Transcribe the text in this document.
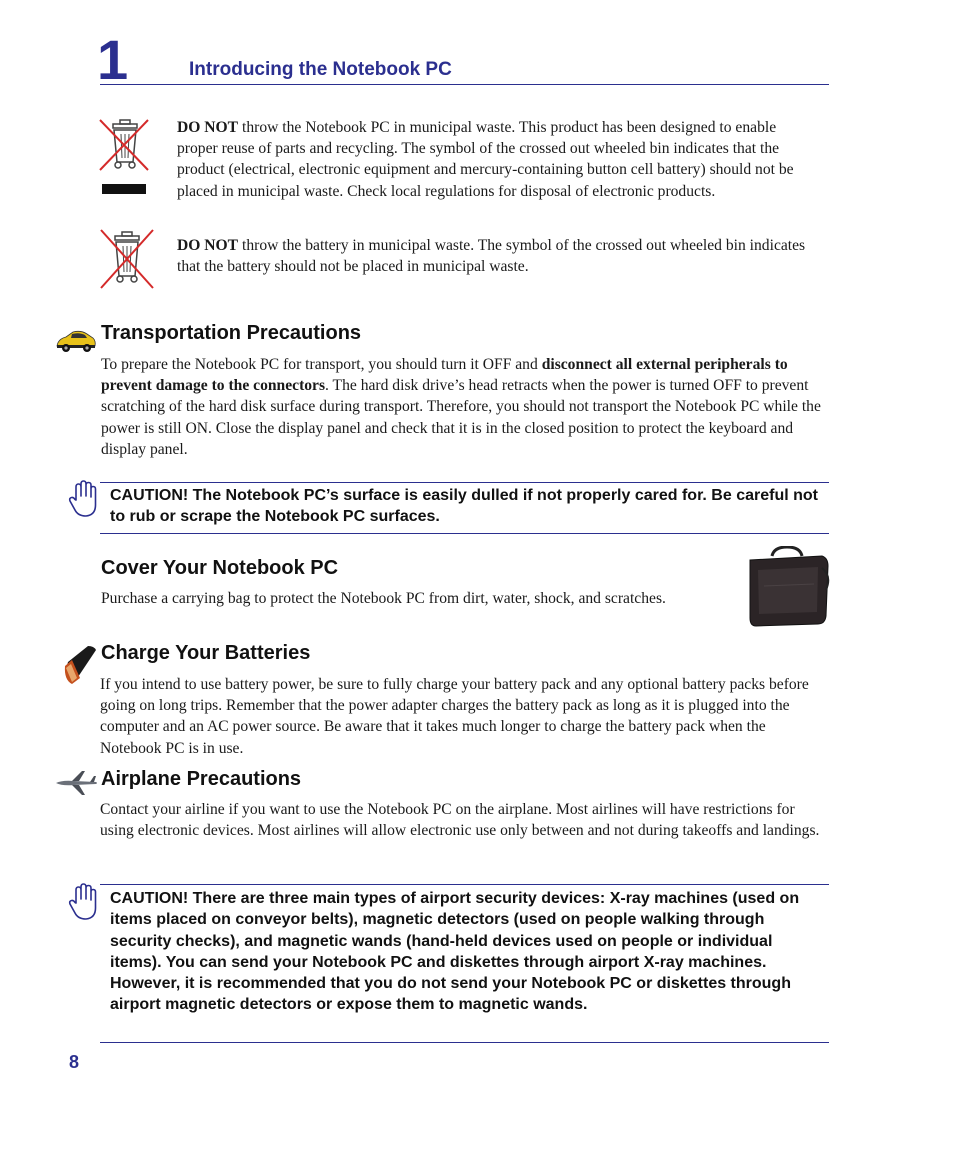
1	Introducing the Notebook PC
DO NOT throw the Notebook PC in municipal waste. This product has been designed to enable proper reuse of parts and recycling. The symbol of the crossed out wheeled bin indicates that the product (electrical, electronic equipment and mercury-containing button cell battery) should not be placed in municipal waste. Check local regulations for disposal of electronic products.
DO NOT throw the battery in municipal waste. The symbol of the crossed out wheeled bin indicates that the battery should not be placed in municipal waste.
Transportation Precautions
To prepare the Notebook PC for transport, you should turn it OFF and disconnect all external peripherals to prevent damage to the connectors. The hard disk drive’s head retracts when the power is turned OFF to prevent scratching of the hard disk surface during transport. Therefore, you should not transport the Notebook PC while the power is still ON. Close the display panel and check that it is in the closed position to protect the keyboard and display panel.
CAUTION! The Notebook PC’s surface is easily dulled if not properly cared for. Be careful not to rub or scrape the Notebook PC surfaces.
Cover Your Notebook PC
Purchase a carrying bag to protect the Notebook PC from dirt, water, shock, and scratches.
Charge Your Batteries
If you intend to use battery power, be sure to fully charge your battery pack and any optional battery packs before going on long trips. Remember that the power adapter charges the battery pack as long as it is plugged into the computer and an AC power source. Be aware that it takes much longer to charge the battery pack when the Notebook PC is in use.
Airplane Precautions
Contact your airline if you want to use the Notebook PC on the airplane. Most airlines will have restrictions for using electronic devices. Most airlines will allow electronic use only between and not during takeoffs and landings.
CAUTION! There are three main types of airport security devices: X-ray machines (used on items placed on conveyor belts), magnetic detectors (used on people walking through security checks), and magnetic wands (hand-held devices used on people or individual items). You can send your Notebook PC and diskettes through airport X-ray machines. However, it is recommended that you do not send your Notebook PC or diskettes through airport magnetic detectors or expose them to magnetic wands.
8
